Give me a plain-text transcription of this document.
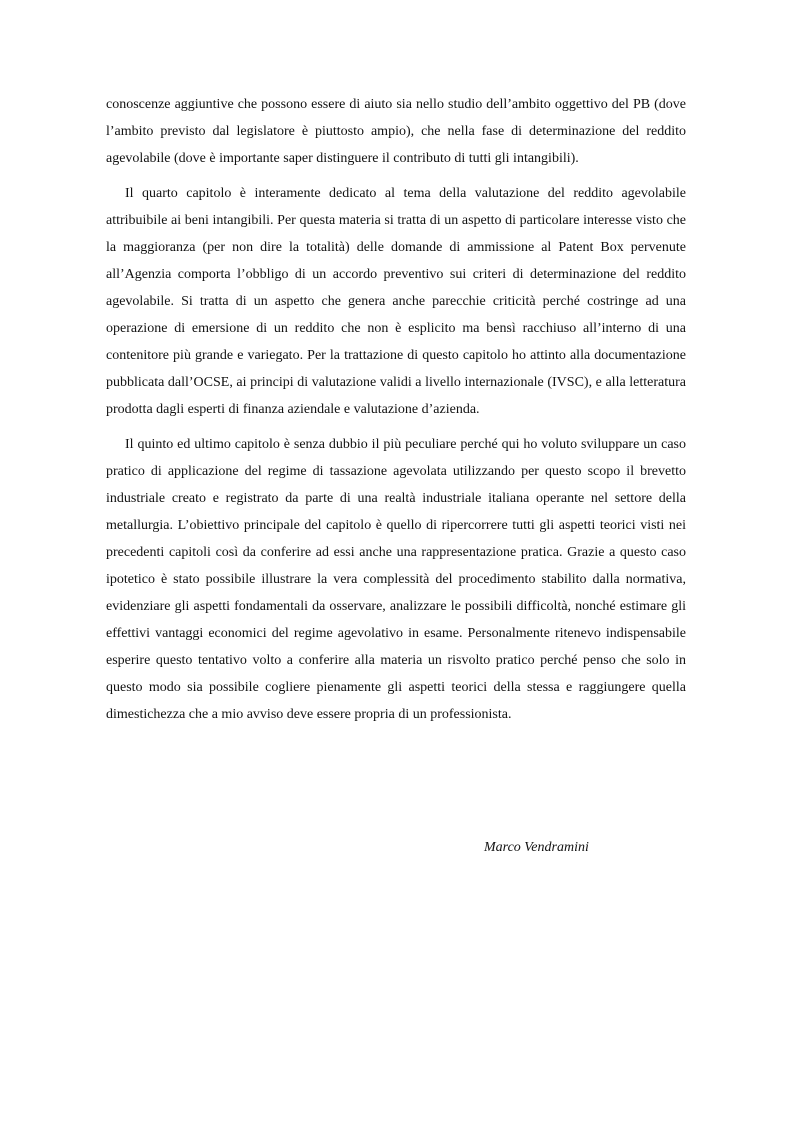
conoscenze aggiuntive che possono essere di aiuto sia nello studio dell’ambito oggettivo del PB (dove l’ambito previsto dal legislatore è piuttosto ampio), che nella fase di determinazione del reddito agevolabile (dove è importante saper distinguere il contributo di tutti gli intangibili).

Il quarto capitolo è interamente dedicato al tema della valutazione del reddito agevolabile attribuibile ai beni intangibili. Per questa materia si tratta di un aspetto di particolare interesse visto che la maggioranza (per non dire la totalità) delle domande di ammissione al Patent Box pervenute all’Agenzia comporta l’obbligo di un accordo preventivo sui criteri di determinazione del reddito agevolabile. Si tratta di un aspetto che genera anche parecchie criticità perché costringe ad una operazione di emersione di un reddito che non è esplicito ma bensì racchiuso all’interno di una contenitore più grande e variegato. Per la trattazione di questo capitolo ho attinto alla documentazione pubblicata dall’OCSE, ai principi di valutazione validi a livello internazionale (IVSC), e alla letteratura prodotta dagli esperti di finanza aziendale e valutazione d’azienda.

Il quinto ed ultimo capitolo è senza dubbio il più peculiare perché qui ho voluto sviluppare un caso pratico di applicazione del regime di tassazione agevolata utilizzando per questo scopo il brevetto industriale creato e registrato da parte di una realtà industriale italiana operante nel settore della metallurgia. L’obiettivo principale del capitolo è quello di ripercorrere tutti gli aspetti teorici visti nei precedenti capitoli così da conferire ad essi anche una rappresentazione pratica. Grazie a questo caso ipotetico è stato possibile illustrare la vera complessità del procedimento stabilito dalla normativa, evidenziare gli aspetti fondamentali da osservare, analizzare le possibili difficoltà, nonché estimare gli effettivi vantaggi economici del regime agevolativo in esame. Personalmente ritenevo indispensabile esperire questo tentativo volto a conferire alla materia un risvolto pratico perché penso che solo in questo modo sia possibile cogliere pienamente gli aspetti teorici della stessa e raggiungere quella dimestichezza che a mio avviso deve essere propria di un professionista.

Marco Vendramini
